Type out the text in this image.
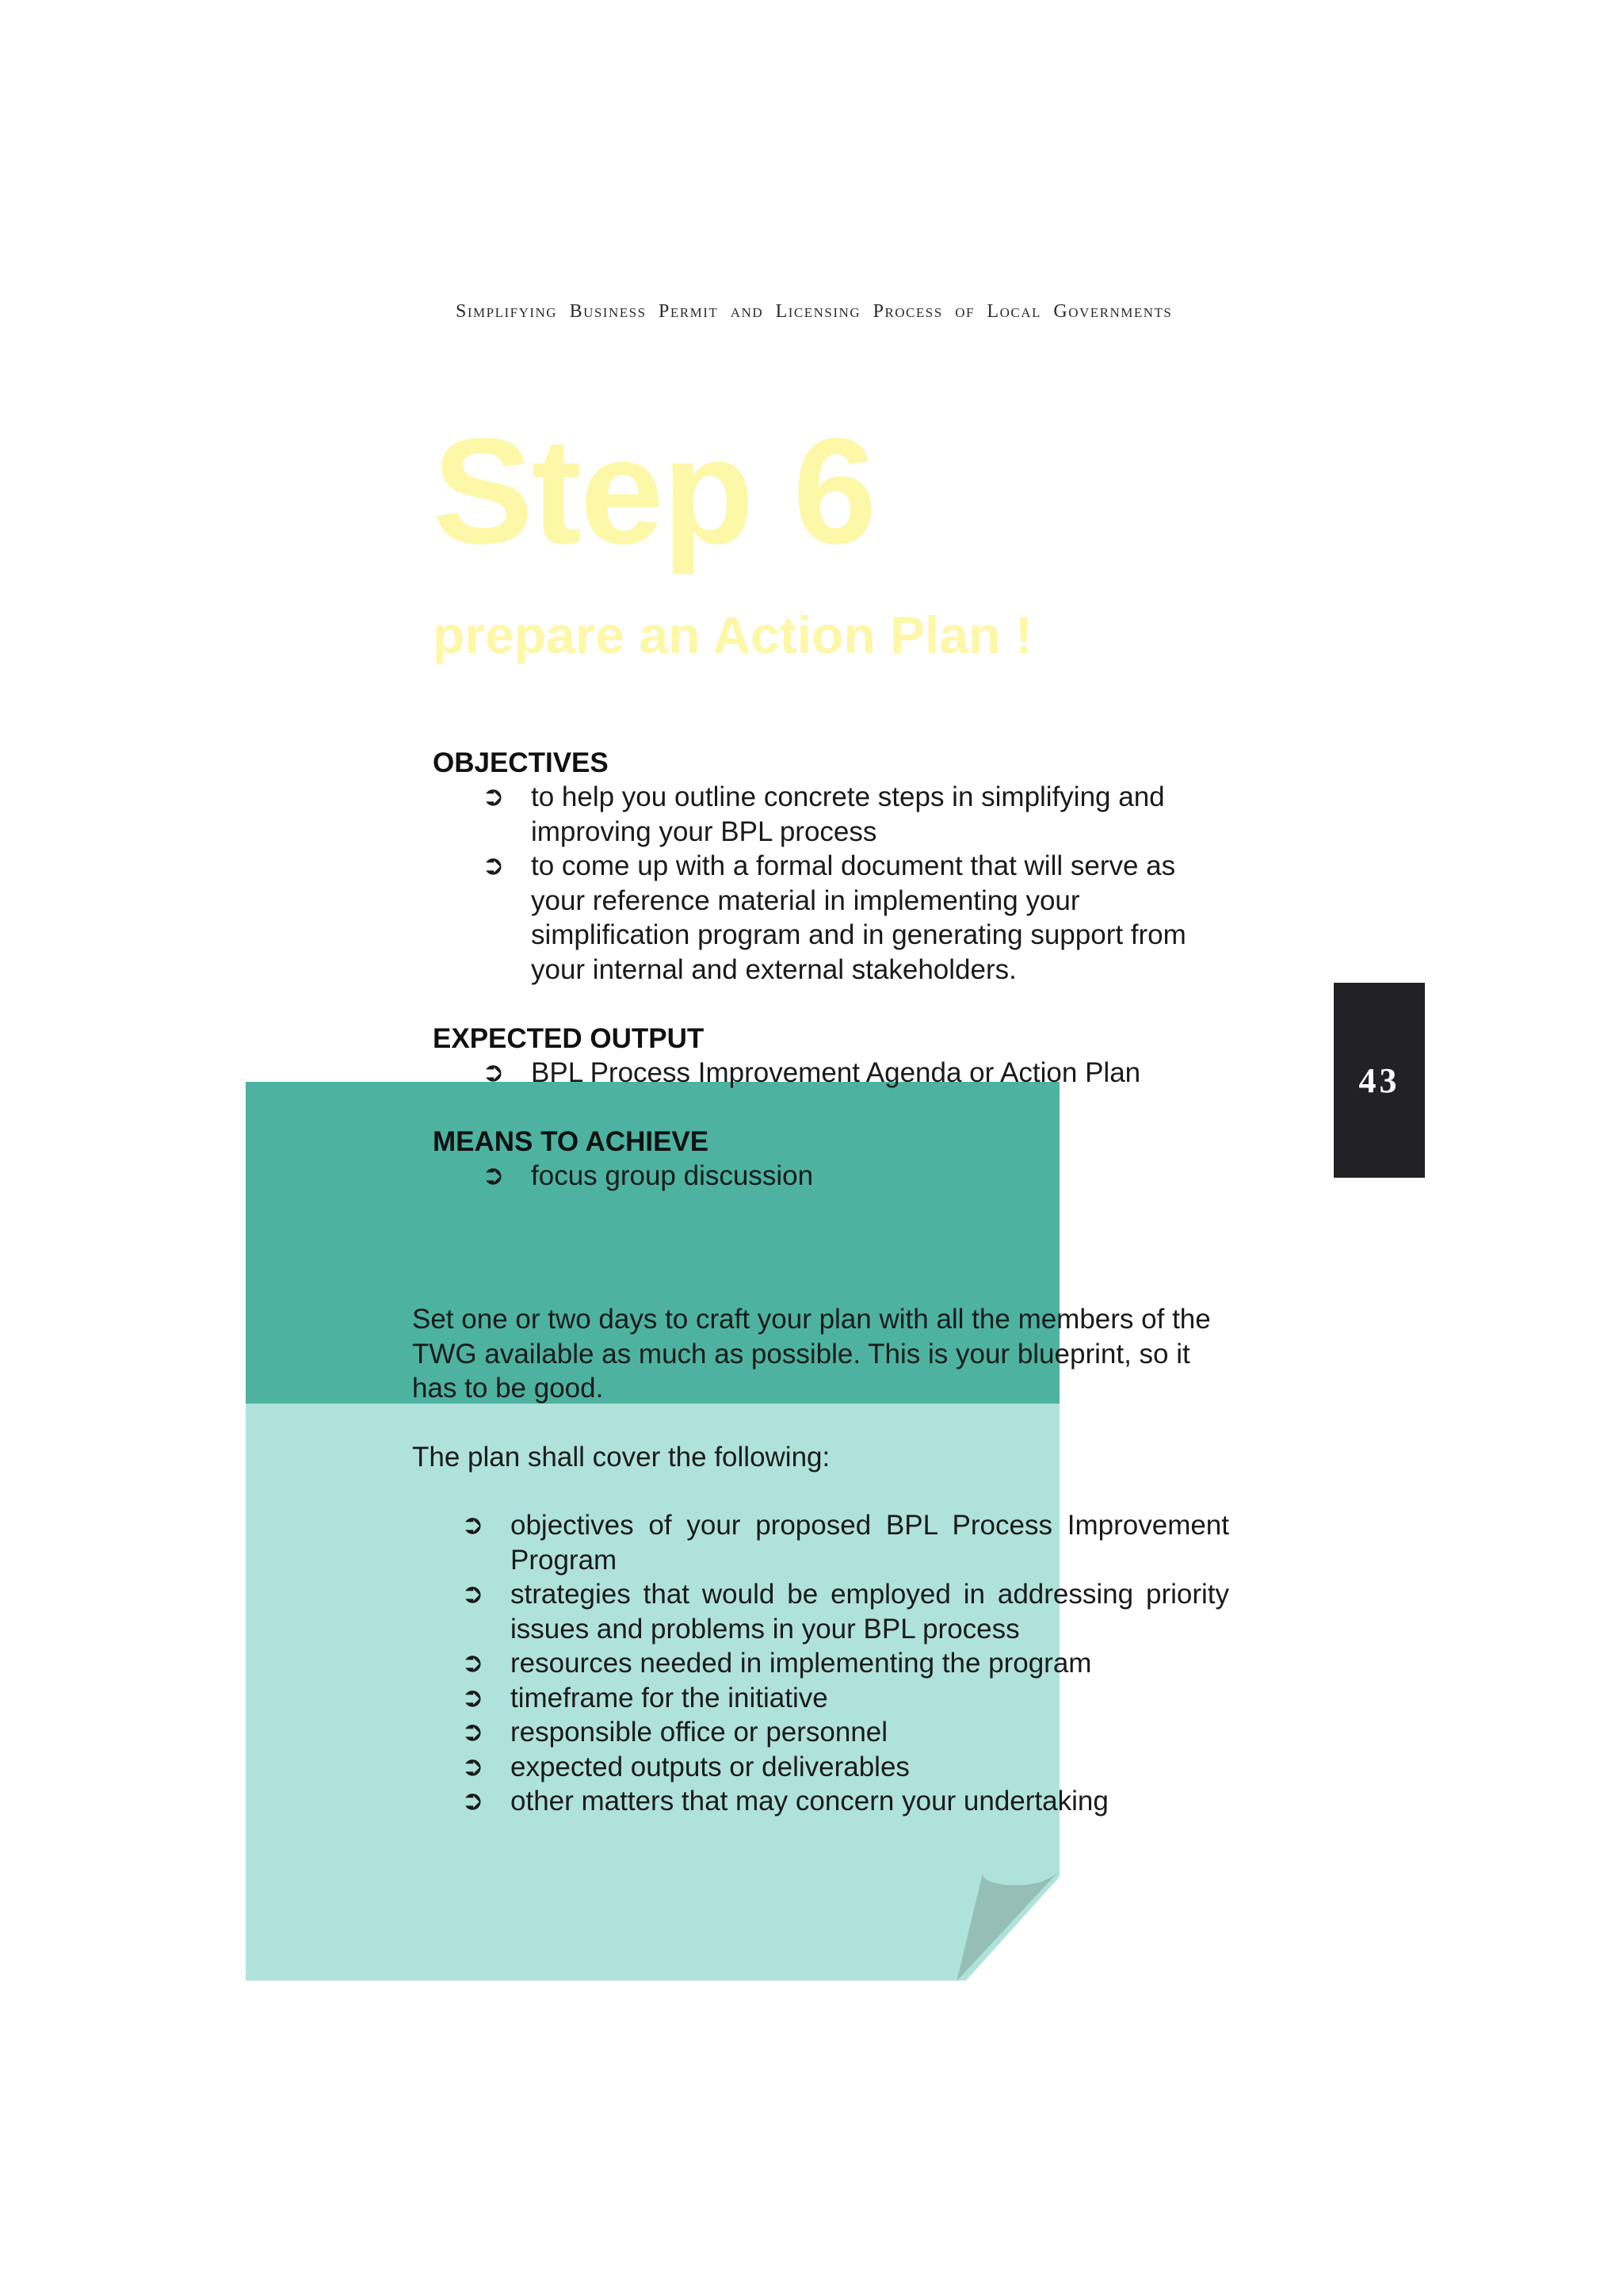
Simplifying Business Permit and Licensing Process of Local Governments
Step 6
prepare an Action Plan !
43
OBJECTIVES
➲ to help you outline concrete steps in simplifying and improving your BPL process
➲ to come up with a formal document that will serve as your reference material in implementing your simplification program and in generating support from your internal and external stakeholders.
EXPECTED OUTPUT
➲ BPL Process Improvement Agenda or Action Plan
MEANS TO ACHIEVE
➲ focus group discussion

Set one or two days to craft your plan with all the members of the TWG available as much as possible. This is your blueprint, so it has to be good.

The plan shall cover the following:

➲ objectives of your proposed BPL Process Improvement Program
➲ strategies that would be employed in addressing priority issues and problems in your BPL process
➲ resources needed in implementing the program
➲ timeframe for the initiative
➲ responsible office or personnel
➲ expected outputs or deliverables
➲ other matters that may concern your undertaking
